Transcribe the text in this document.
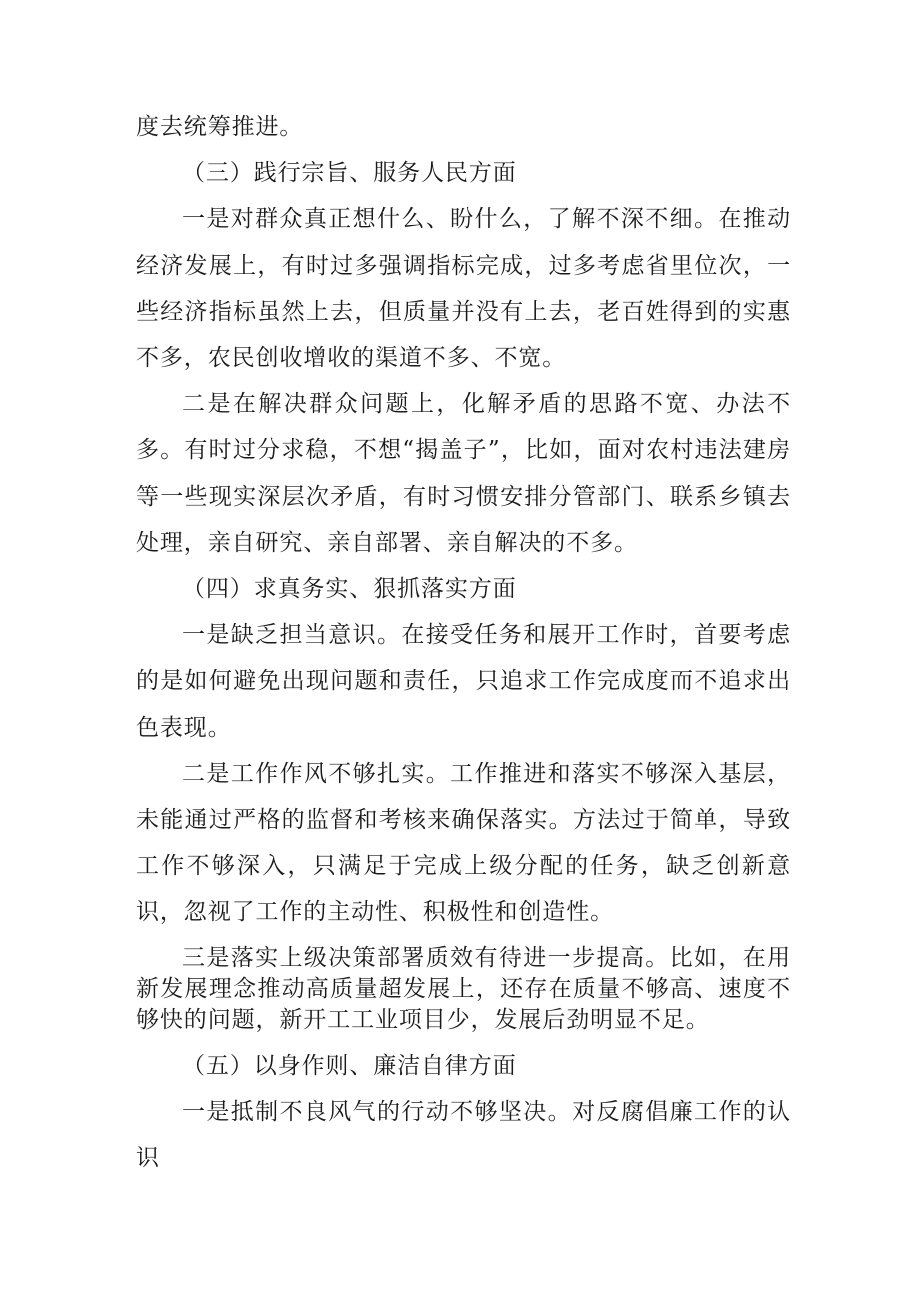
度去统筹推进。

（三）践行宗旨、服务人民方面

一是对群众真正想什么、盼什么，了解不深不细。在推动经济发展上，有时过多强调指标完成，过多考虑省里位次，一些经济指标虽然上去，但质量并没有上去，老百姓得到的实惠不多，农民创收增收的渠道不多、不宽。

二是在解决群众问题上，化解矛盾的思路不宽、办法不多。有时过分求稳，不想“揭盖子”，比如，面对农村违法建房等一些现实深层次矛盾，有时习惯安排分管部门、联系乡镇去处理，亲自研究、亲自部署、亲自解决的不多。

（四）求真务实、狠抓落实方面

一是缺乏担当意识。在接受任务和展开工作时，首要考虑的是如何避免出现问题和责任，只追求工作完成度而不追求出色表现。

二是工作作风不够扎实。工作推进和落实不够深入基层，未能通过严格的监督和考核来确保落实。方法过于简单，导致工作不够深入，只满足于完成上级分配的任务，缺乏创新意识，忽视了工作的主动性、积极性和创造性。

三是落实上级决策部署质效有待进一步提高。比如，在用新发展理念推动高质量超发展上，还存在质量不够高、速度不够快的问题，新开工工业项目少，发展后劲明显不足。

（五）以身作则、廉洁自律方面

一是抵制不良风气的行动不够坚决。对反腐倡廉工作的认识
